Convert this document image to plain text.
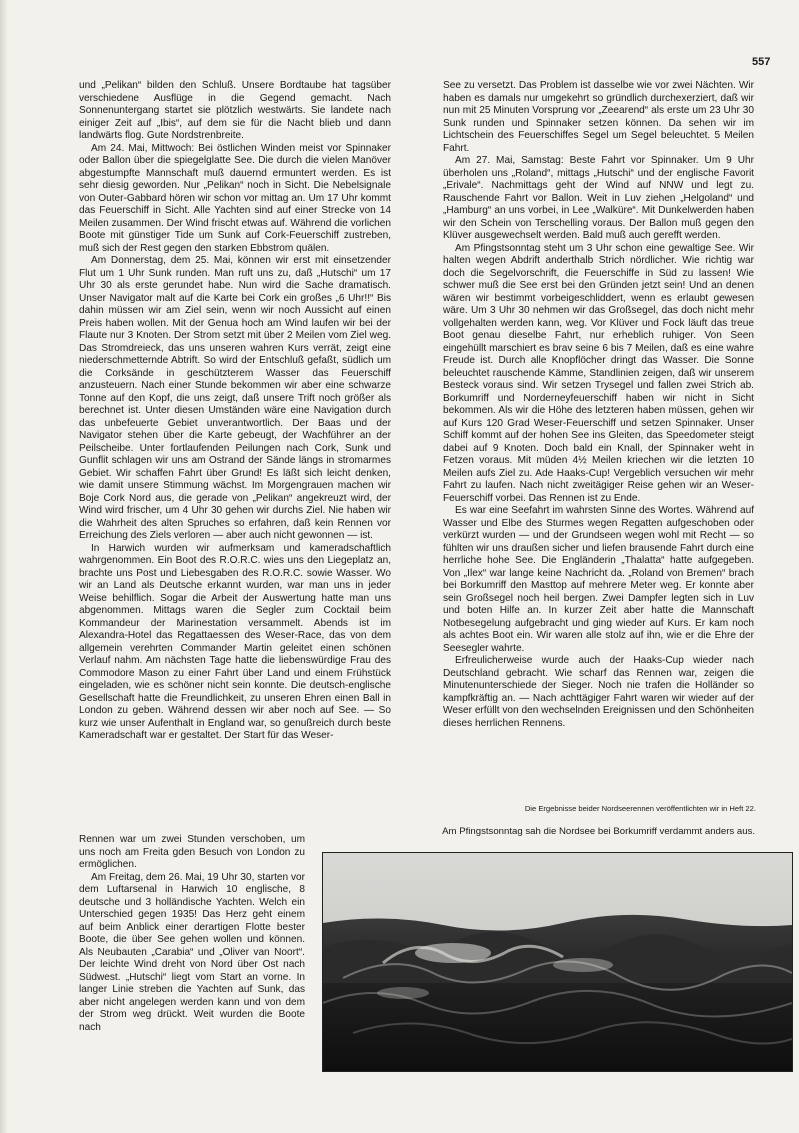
557

und „Pelikan“ bilden den Schluß. Unsere Bordtaube hat tagsüber verschiedene Ausflüge in die Gegend gemacht. Nach Sonnenuntergang startet sie plötzlich westwärts. Sie landete nach einiger Zeit auf „Ibis“, auf dem sie für die Nacht blieb und dann landwärts flog. Gute Nordstrenbreite.

Am 24. Mai, Mittwoch: Bei östlichen Winden meist vor Spinnaker oder Ballon über die spiegelglatte See. Die durch die vielen Manöver abgestumpfte Mannschaft muß dauernd ermuntert werden. Es ist sehr diesig geworden. Nur „Pelikan“ noch in Sicht. Die Nebelsignale von Outer-Gabbard hören wir schon vor mittag an. Um 17 Uhr kommt das Feuerschiff in Sicht. Alle Yachten sind auf einer Strecke von 14 Meilen zusammen. Der Wind frischt etwas auf. Während die vorlichen Boote mit günstiger Tide um Sunk auf Cork-Feuerschiff zustreben, muß sich der Rest gegen den starken Ebbstrom quälen.

Am Donnerstag, dem 25. Mai, können wir erst mit einsetzender Flut um 1 Uhr Sunk runden. Man ruft uns zu, daß „Hutschi“ um 17 Uhr 30 als erste gerundet habe. Nun wird die Sache dramatisch. Unser Navigator malt auf die Karte bei Cork ein großes „6 Uhr!!“ Bis dahin müssen wir am Ziel sein, wenn wir noch Aussicht auf einen Preis haben wollen. Mit der Genua hoch am Wind laufen wir bei der Flaute nur 3 Knoten. Der Strom setzt mit über 2 Meilen vom Ziel weg. Das Stromdreieck, das uns unseren wahren Kurs verrät, zeigt eine niederschmetternde Abtrift. So wird der Entschluß gefaßt, südlich um die Corksände in geschützterem Wasser das Feuerschiff anzusteuern. Nach einer Stunde bekommen wir aber eine schwarze Tonne auf den Kopf, die uns zeigt, daß unsere Trift noch größer als berechnet ist. Unter diesen Umständen wäre eine Navigation durch das unbefeuerte Gebiet unverantwortlich. Der Baas und der Navigator stehen über die Karte gebeugt, der Wachführer an der Peilscheibe. Unter fortlaufenden Peilungen nach Cork, Sunk und Gunflit schlagen wir uns am Ostrand der Sände längs in stromarmes Gebiet. Wir schaffen Fahrt über Grund! Es läßt sich leicht denken, wie damit unsere Stimmung wächst. Im Morgengrauen machen wir Boje Cork Nord aus, die gerade von „Pelikan“ angekreuzt wird, der Wind wird frischer, um 4 Uhr 30 gehen wir durchs Ziel. Nie haben wir die Wahrheit des alten Spruches so erfahren, daß kein Rennen vor Erreichung des Ziels verloren — aber auch nicht gewonnen — ist.

In Harwich wurden wir aufmerksam und kameradschaftlich wahrgenommen. Ein Boot des R.O.R.C. wies uns den Liegeplatz an, brachte uns Post und Liebesgaben des R.O.R.C. sowie Wasser. Wo wir an Land als Deutsche erkannt wurden, war man uns in jeder Weise behilflich. Sogar die Arbeit der Auswertung hatte man uns abgenommen. Mittags waren die Segler zum Cocktail beim Kommandeur der Marinestation versammelt. Abends ist im Alexandra-Hotel das Regattaessen des Weser-Race, das von dem allgemein verehrten Commander Martin geleitet einen schönen Verlauf nahm. Am nächsten Tage hatte die liebenswürdige Frau des Commodore Mason zu einer Fahrt über Land und einem Frühstück eingeladen, wie es schöner nicht sein konnte. Die deutsch-englische Gesellschaft hatte die Freundlichkeit, zu unseren Ehren einen Ball in London zu geben. Während dessen wir aber noch auf See. — So kurz wie unser Aufenthalt in England war, so genußreich durch beste Kameradschaft war er gestaltet. Der Start für das Weser-

Rennen war um zwei Stunden verschoben, um uns noch am Freita gden Besuch von London zu ermöglichen.

Am Freitag, dem 26. Mai, 19 Uhr 30, starten vor dem Luftarsenal in Harwich 10 englische, 8 deutsche und 3 holländische Yachten. Welch ein Unterschied gegen 1935! Das Herz geht einem auf beim Anblick einer derartigen Flotte bester Boote, die über See gehen wollen und können. Als Neubauten „Carabia“ und „Oliver van Noort“. Der leichte Wind dreht von Nord über Ost nach Südwest. „Hutschi“ liegt vom Start an vorne. In langer Linie streben die Yachten auf Sunk, das aber nicht angelegen werden kann und von dem der Strom weg drückt. Weit wurden die Boote nach

See zu versetzt. Das Problem ist dasselbe wie vor zwei Nächten. Wir haben es damals nur umgekehrt so gründlich durchexerziert, daß wir nun mit 25 Minuten Vorsprung vor „Zeearend“ als erste um 23 Uhr 30 Sunk runden und Spinnaker setzen können. Da sehen wir im Lichtschein des Feuerschiffes Segel um Segel beleuchtet. 5 Meilen Fahrt.

Am 27. Mai, Samstag: Beste Fahrt vor Spinnaker. Um 9 Uhr überholen uns „Roland“, mittags „Hutschi“ und der englische Favorit „Erivale“. Nachmittags geht der Wind auf NNW und legt zu. Rauschende Fahrt vor Ballon. Weit in Luv ziehen „Helgoland“ und „Hamburg“ an uns vorbei, in Lee „Walküre“. Mit Dunkelwerden haben wir den Schein von Terschelling voraus. Der Ballon muß gegen den Klüver ausgewechselt werden. Bald muß auch gerefft werden.

Am Pfingstsonntag steht um 3 Uhr schon eine gewaltige See. Wir halten wegen Abdrift anderthalb Strich nördlicher. Wie richtig war doch die Segelvorschrift, die Feuerschiffe in Süd zu lassen! Wie schwer muß die See erst bei den Gründen jetzt sein! Und an denen wären wir bestimmt vorbeigeschliddert, wenn es erlaubt gewesen wäre. Um 3 Uhr 30 nehmen wir das Großsegel, das doch nicht mehr vollgehalten werden kann, weg. Vor Klüver und Fock läuft das treue Boot genau dieselbe Fahrt, nur erheblich ruhiger. Von Seen eingehüllt marschiert es brav seine 6 bis 7 Meilen, daß es eine wahre Freude ist. Durch alle Knopflöcher dringt das Wasser. Die Sonne beleuchtet rauschende Kämme, Standlinien zeigen, daß wir unserem Besteck voraus sind. Wir setzen Trysegel und fallen zwei Strich ab. Borkumriff und Norderneyfeuerschiff haben wir nicht in Sicht bekommen. Als wir die Höhe des letzteren haben müssen, gehen wir auf Kurs 120 Grad Weser-Feuerschiff und setzen Spinnaker. Unser Schiff kommt auf der hohen See ins Gleiten, das Speedometer steigt dabei auf 9 Knoten. Doch bald ein Knall, der Spinnaker weht in Fetzen voraus. Mit müden 4½ Meilen kriechen wir die letzten 10 Meilen aufs Ziel zu. Ade Haaks-Cup! Vergeblich versuchen wir mehr Fahrt zu laufen. Nach nicht zweitägiger Reise gehen wir an Weser-Feuerschiff vorbei. Das Rennen ist zu Ende.

Es war eine Seefahrt im wahrsten Sinne des Wortes. Während auf Wasser und Elbe des Sturmes wegen Regatten aufgeschoben oder verkürzt wurden — und der Grundseen wegen wohl mit Recht — so fühlten wir uns draußen sicher und liefen brausende Fahrt durch eine herrliche hohe See. Die Engländerin „Thalatta“ hatte aufgegeben. Von „Ilex“ war lange keine Nachricht da. „Roland von Bremen“ brach bei Borkumriff den Masttop auf mehrere Meter weg. Er konnte aber sein Großsegel noch heil bergen. Zwei Dampfer legten sich in Luv und boten Hilfe an. In kurzer Zeit aber hatte die Mannschaft Notbesegelung aufgebracht und ging wieder auf Kurs. Er kam noch als achtes Boot ein. Wir waren alle stolz auf ihn, wie er die Ehre der Seesegler wahrte.

Erfreulicherweise wurde auch der Haaks-Cup wieder nach Deutschland gebracht. Wie scharf das Rennen war, zeigen die Minutenunterschiede der Sieger. Noch nie trafen die Holländer so kampfkräftig an. — Nach achttägiger Fahrt waren wir wieder auf der Weser erfüllt von den wechselnden Ereignissen und den Schönheiten dieses herrlichen Rennens.

Die Ergebnisse beider Nordseerennen veröffentlichten wir in Heft 22.
Am Pfingstsonntag sah die Nordsee bei Borkumriff verdammt anders aus.
